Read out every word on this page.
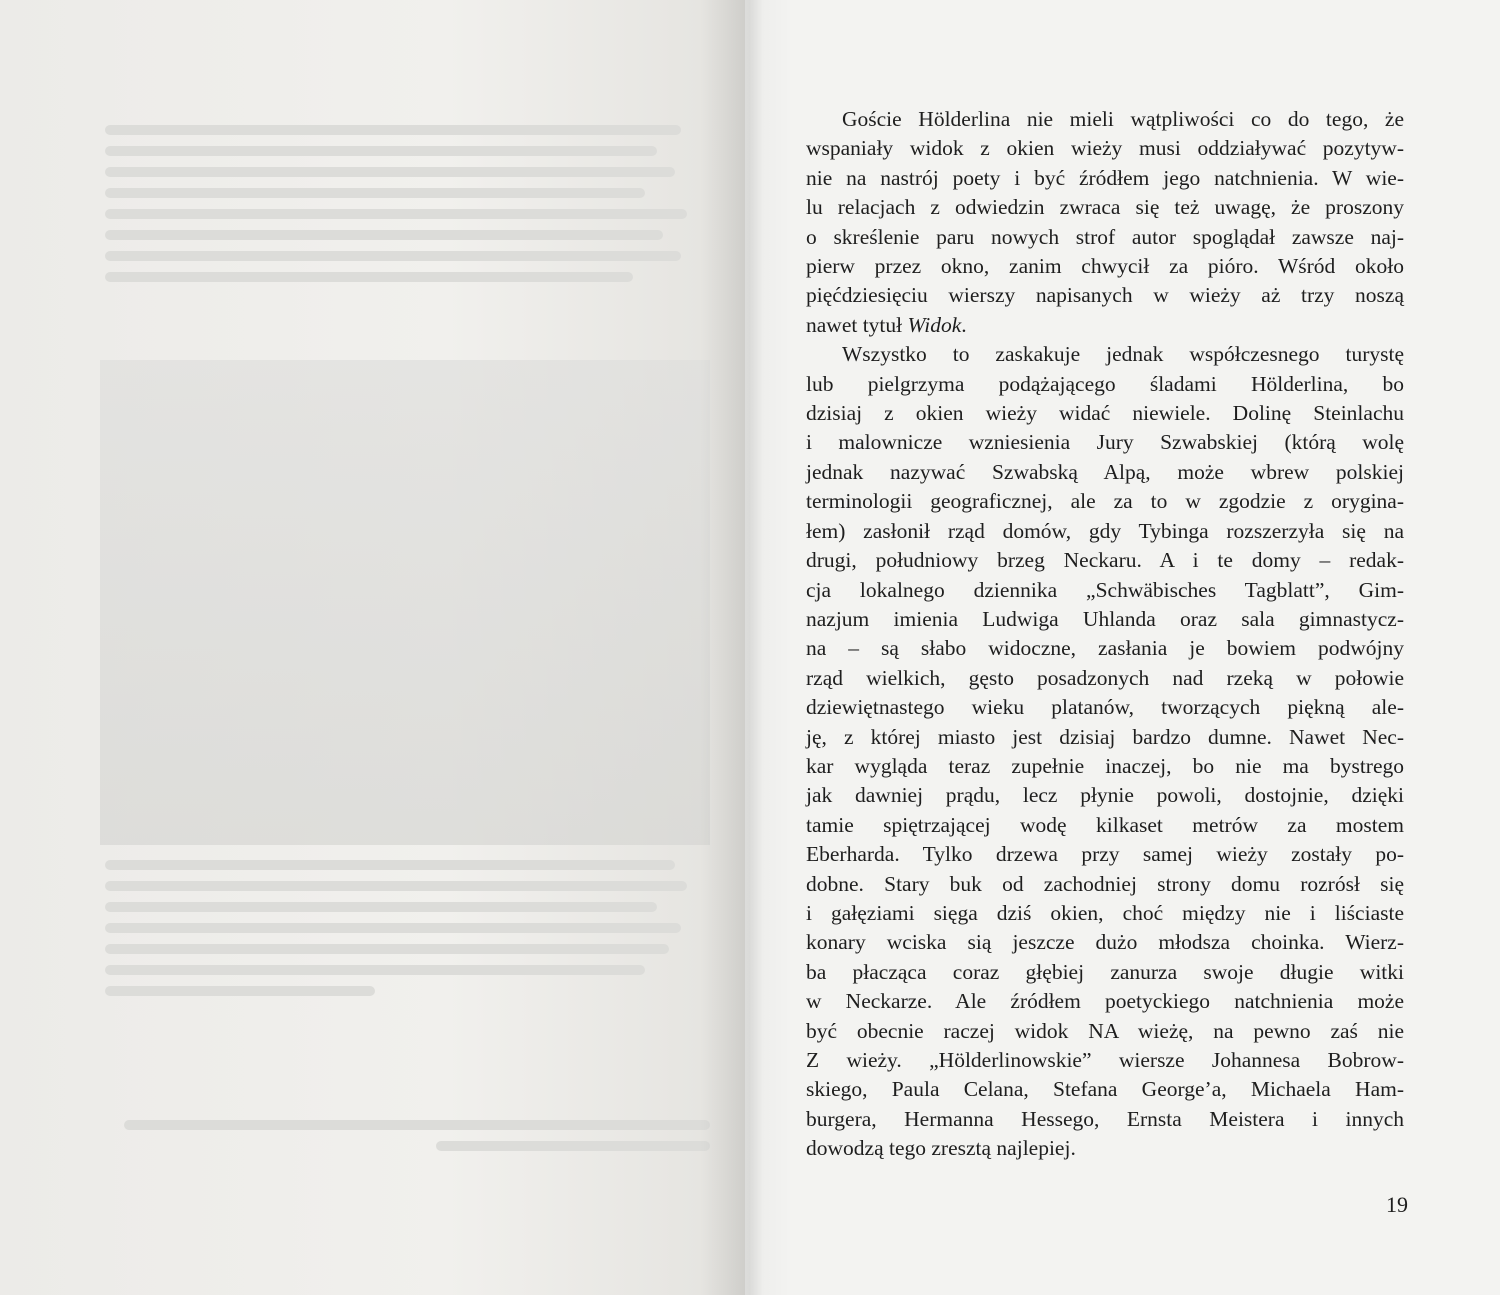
Goście Hölderlina nie mieli wątpliwości co do tego, że
wspaniały widok z okien wieży musi oddziaływać pozytyw-
nie na nastrój poety i być źródłem jego natchnienia. W wie-
lu relacjach z odwiedzin zwraca się też uwagę, że proszony
o skreślenie paru nowych strof autor spoglądał zawsze naj-
pierw przez okno, zanim chwycił za pióro. Wśród około
pięćdziesięciu wierszy napisanych w wieży aż trzy noszą
nawet tytuł Widok.

Wszystko to zaskakuje jednak współczesnego turystę
lub pielgrzyma podążającego śladami Hölderlina, bo
dzisiaj z okien wieży widać niewiele. Dolinę Steinlachu
i malownicze wzniesienia Jury Szwabskiej (którą wolę
jednak nazywać Szwabską Alpą, może wbrew polskiej
terminologii geograficznej, ale za to w zgodzie z orygina-
łem) zasłonił rząd domów, gdy Tybinga rozszerzyła się na
drugi, południowy brzeg Neckaru. A i te domy – redak-
cja lokalnego dziennika „Schwäbisches Tagblatt”, Gim-
nazjum imienia Ludwiga Uhlanda oraz sala gimnastycz-
na – są słabo widoczne, zasłania je bowiem podwójny
rząd wielkich, gęsto posadzonych nad rzeką w połowie
dziewiętnastego wieku platanów, tworzących piękną ale-
ję, z której miasto jest dzisiaj bardzo dumne. Nawet Nec-
kar wygląda teraz zupełnie inaczej, bo nie ma bystrego
jak dawniej prądu, lecz płynie powoli, dostojnie, dzięki
tamie spiętrzającej wodę kilkaset metrów za mostem
Eberharda. Tylko drzewa przy samej wieży zostały po-
dobne. Stary buk od zachodniej strony domu rozrósł się
i gałęziami sięga dziś okien, choć między nie i liściaste
konary wciska sią jeszcze dużo młodsza choinka. Wierz-
ba płacząca coraz głębiej zanurza swoje długie witki
w Neckarze. Ale źródłem poetyckiego natchnienia może
być obecnie raczej widok NA wieżę, na pewno zaś nie
Z wieży. „Hölderlinowskie” wiersze Johannesa Bobrow-
skiego, Paula Celana, Stefana George’a, Michaela Ham-
burgera, Hermanna Hessego, Ernsta Meistera i innych
dowodzą tego zresztą najlepiej.

19
